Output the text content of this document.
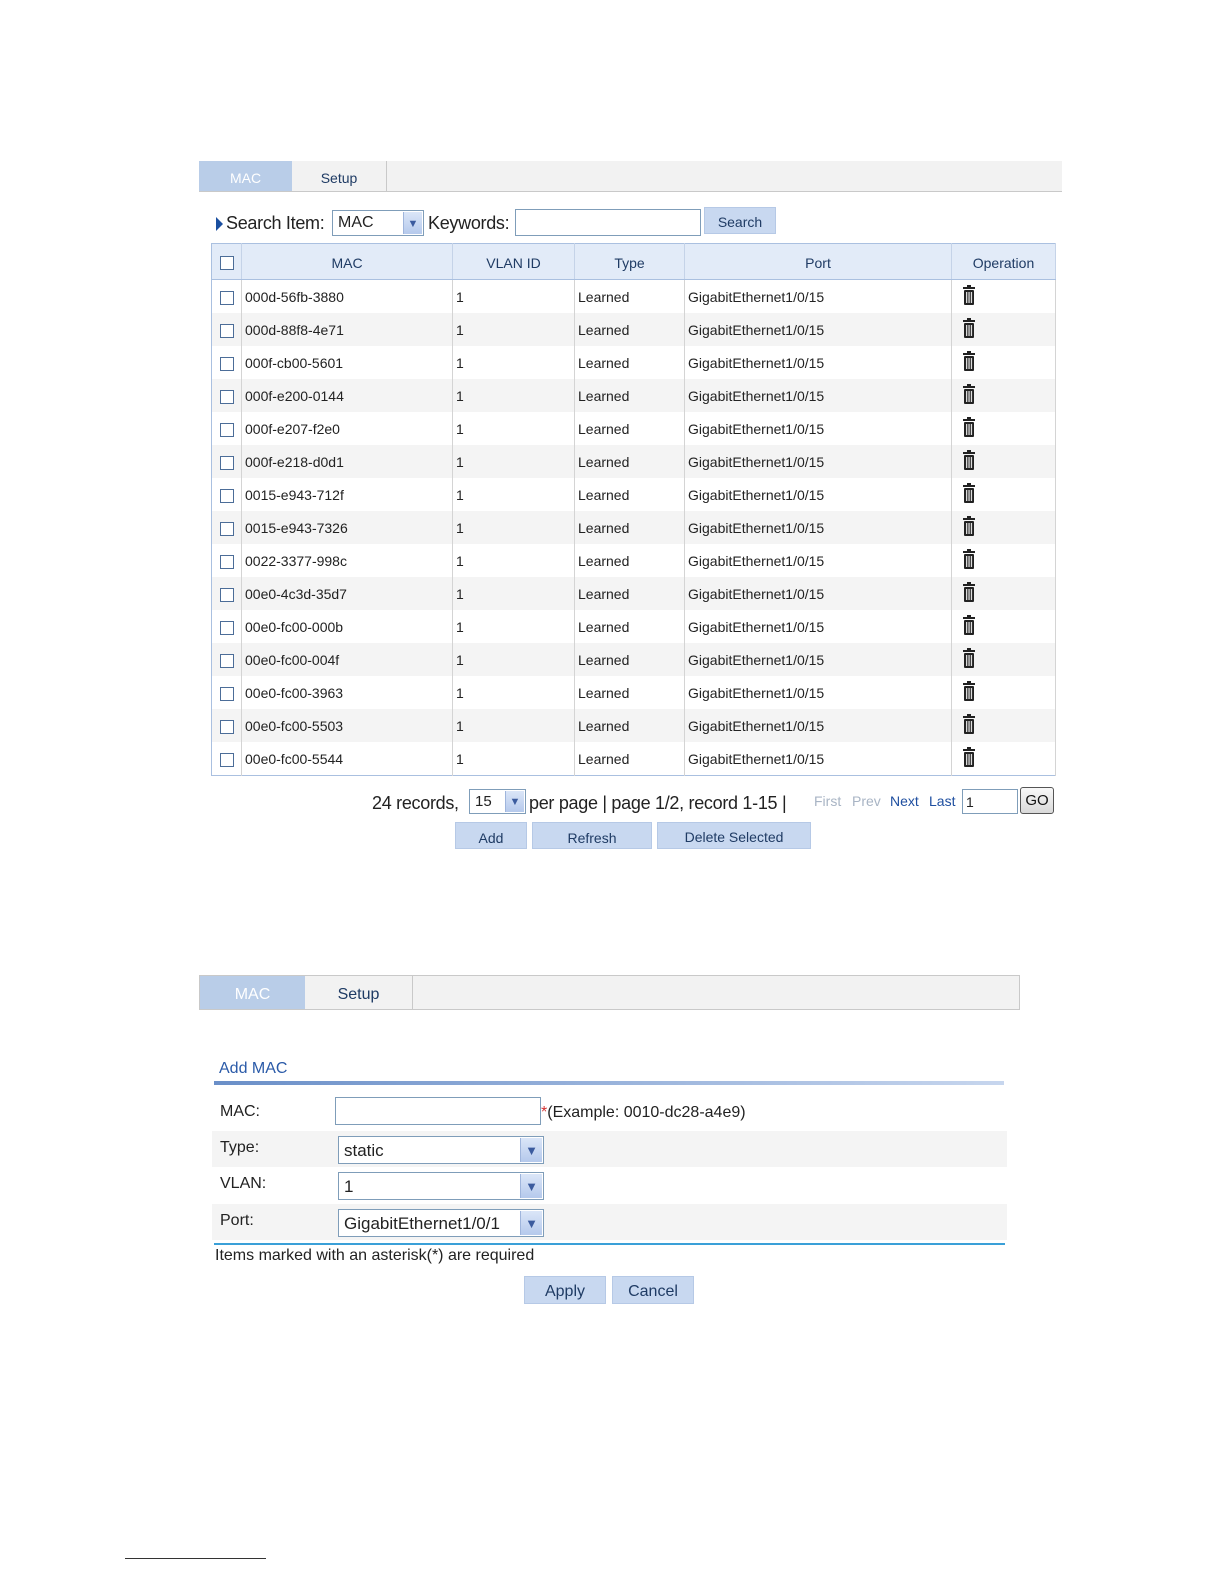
MAC	Setup
Search Item: MAC	▼ Keywords:	Search
	MAC	VLAN ID	Type	Port	Operation
	000d-56fb-3880	1	Learned	GigabitEthernet1/0/15	
	000d-88f8-4e71	1	Learned	GigabitEthernet1/0/15	
	000f-cb00-5601	1	Learned	GigabitEthernet1/0/15	
	000f-e200-0144	1	Learned	GigabitEthernet1/0/15	
	000f-e207-f2e0	1	Learned	GigabitEthernet1/0/15	
	000f-e218-d0d1	1	Learned	GigabitEthernet1/0/15	
	0015-e943-712f	1	Learned	GigabitEthernet1/0/15	
	0015-e943-7326	1	Learned	GigabitEthernet1/0/15	
	0022-3377-998c	1	Learned	GigabitEthernet1/0/15	
	00e0-4c3d-35d7	1	Learned	GigabitEthernet1/0/15	
	00e0-fc00-000b	1	Learned	GigabitEthernet1/0/15	
	00e0-fc00-004f	1	Learned	GigabitEthernet1/0/15	
	00e0-fc00-3963	1	Learned	GigabitEthernet1/0/15	
	00e0-fc00-5503	1	Learned	GigabitEthernet1/0/15	
	00e0-fc00-5544	1	Learned	GigabitEthernet1/0/15	
24 records, 15	▼ per page | page 1/2, record 1-15 | First Prev Next Last 1	GO
Add	Refresh	Delete Selected
MAC	Setup
Add MAC
MAC:	*(Example: 0010-dc28-a4e9)
Type:	static	▼
VLAN:	1	▼
Port:	GigabitEthernet1/0/1	▼
Items marked with an asterisk(*) are required
Apply	Cancel
